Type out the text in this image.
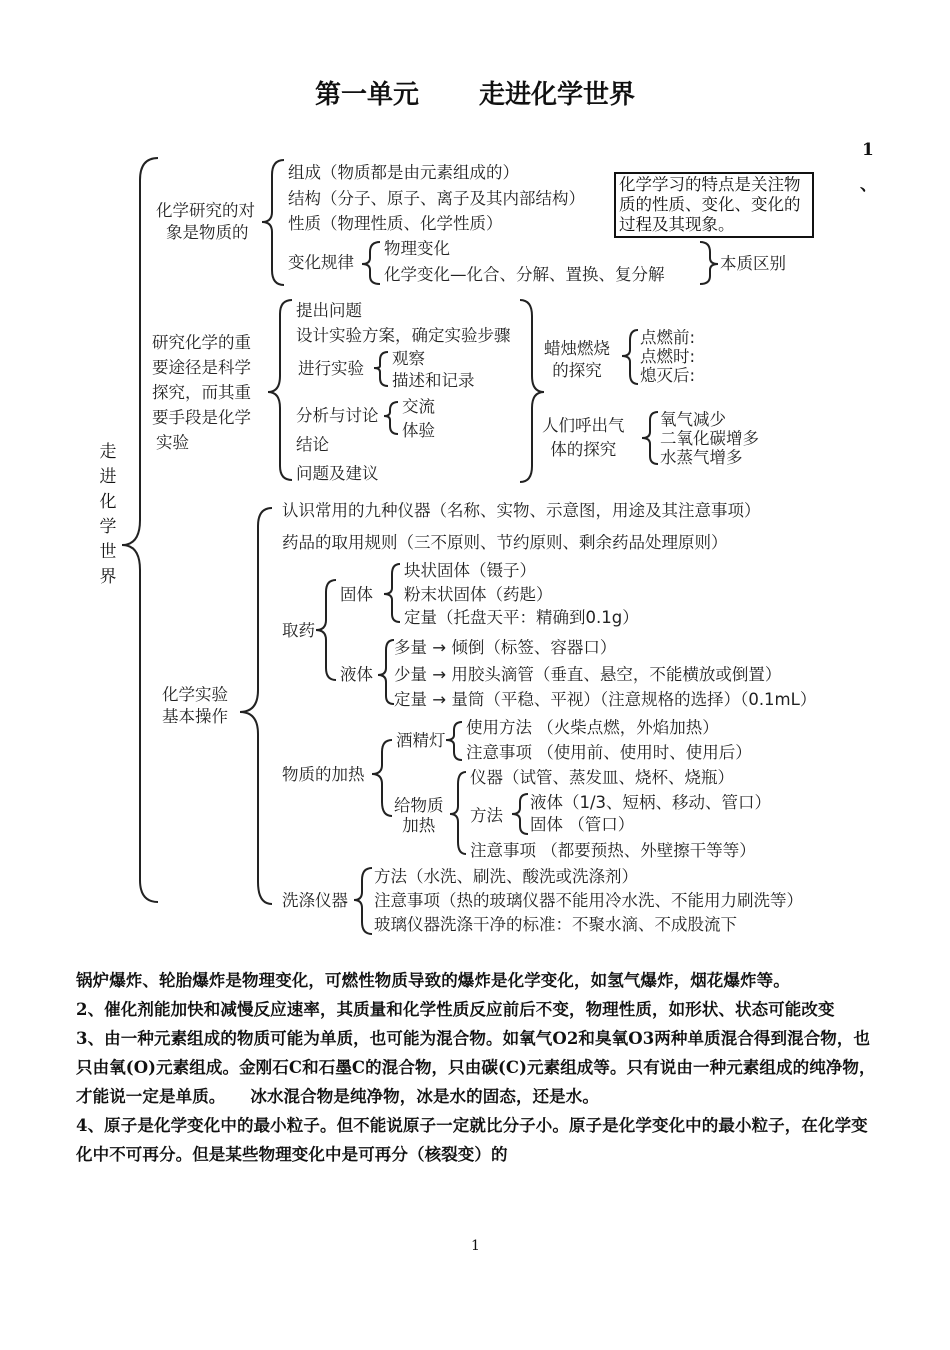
第一单元 走进化学世界
1
、
走进化学世界
化学研究的对
象是物质的
组成（物质都是由元素组成的）
结构（分子、原子、离子及其内部结构）
性质（物理性质、化学性质）
变化规律
物理变化
化学变化—化合、分解、置换、复分解
本质区别
化学学习的特点是关注物质的性质、变化、变化的过程及其现象。
研究化学的重
要途径是科学
探究，而其重
要手段是化学
实验
提出问题
设计实验方案，确定实验步骤
进行实验
观察
描述和记录
分析与讨论 交流
体验
结论
问题及建议
蜡烛燃烧
的探究
点燃前:
点燃时:
熄灭后:
人们呼出气
体的探究
氧气减少
二氧化碳增多
水蒸气增多
化学实验
基本操作
认识常用的九种仪器（名称、实物、示意图，用途及其注意事项）
药品的取用规则（三不原则、节约原则、剩余药品处理原则）
取药
固体
块状固体（镊子）
粉末状固体（药匙）
定量（托盘天平：精确到0.1g）
液体
多量 → 倾倒（标签、容器口）
少量 → 用胶头滴管（垂直、悬空，不能横放或倒置）
定量 → 量筒（平稳、平视）（注意规格的选择）（0.1mL）
物质的加热
酒精灯
使用方法 （火柴点燃，外焰加热）
注意事项 （使用前、使用时、使用后）
给物质
加热
仪器（试管、蒸发皿、烧杯、烧瓶）
方法
液体（1/3、短柄、移动、管口）
固体 （管口）
注意事项 （都要预热、外壁擦干等等）
洗涤仪器
方法（水洗、刷洗、酸洗或洗涤剂）
注意事项（热的玻璃仪器不能用冷水洗、不能用力刷洗等）
玻璃仪器洗涤干净的标准：不聚水滴、不成股流下

锅炉爆炸、轮胎爆炸是物理变化，可燃性物质导致的爆炸是化学变化，如氢气爆炸，烟花爆炸等。

2、催化剂能加快和减慢反应速率，其质量和化学性质反应前后不变，物理性质，如形状、状态可能改变

3、由一种元素组成的物质可能为单质，也可能为混合物。如氧气O2和臭氧O3两种单质混合得到混合物，也只由氧(O)元素组成。金刚石C和石墨C的混合物，只由碳(C)元素组成等。只有说由一种元素组成的纯净物，才能说一定是单质。　　冰水混合物是纯净物，冰是水的固态，还是水。

4、原子是化学变化中的最小粒子。但不能说原子一定就比分子小。原子是化学变化中的最小粒子，在化学变化中不可再分。但是某些物理变化中是可再分（核裂变）的

1
